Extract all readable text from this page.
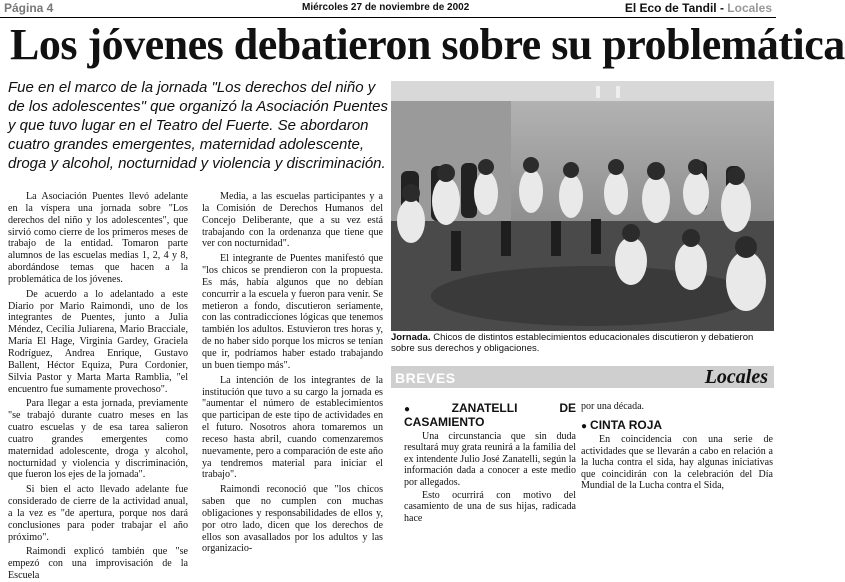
Página 4	Miércoles 27 de noviembre de 2002	El Eco de Tandil - Locales
Los jóvenes debatieron sobre su problemática

Fue en el marco de la jornada "Los derechos del niño y de los adolescentes" que organizó la Asociación Puentes y que tuvo lugar en el Teatro del Fuerte. Se abordaron cuatro grandes emergentes, maternidad adolescente, droga y alcohol, nocturnidad y violencia y discriminación.

La Asociación Puentes llevó adelante en la víspera una jornada sobre "Los derechos del niño y los adolescentes", que sirvió como cierre de los primeros meses de trabajo de la entidad. Tomaron parte alumnos de las escuelas medias 1, 2, 4 y 8, abordándose temas que hacen a la problemática de los jóvenes.

De acuerdo a lo adelantado a este Diario por Mario Raimondi, uno de los integrantes de Puentes, junto a Julia Méndez, Cecilia Juliarena, Mario Bracciale, María El Hage, Virginia Gardey, Graciela Rodríguez, Andrea Enrique, Gustavo Ballent, Héctor Equiza, Pura Cordonier, Silvia Pastor y Marta Marta Ramblia, "el encuentro fue sumamente provechoso".

Para llegar a esta jornada, previamente "se trabajó durante cuatro meses en las cuatro escuelas y de esa tarea salieron cuatro grandes emergentes como maternidad adolescente, droga y alcohol, nocturnidad y violencia y discriminación, que fueron los ejes de la jornada".

Si bien el acto llevado adelante fue considerado de cierre de la actividad anual, a la vez es "de apertura, porque nos dará conclusiones para poder trabajar el año próximo".

Raimondi explicó también que "se empezó con una improvisación de la Escuela

Media, a las escuelas participantes y a la Comisión de Derechos Humanos del Concejo Deliberante, que a su vez está trabajando con la ordenanza que tiene que ver con nocturnidad".

El integrante de Puentes manifestó que "los chicos se prendieron con la propuesta. Es más, había algunos que no debían concurrir a la escuela y fueron para venir. Se metieron a fondo, discutieron seriamente, con las contradicciones lógicas que tenemos también los adultos. Estuvieron tres horas y, de no haber sido porque los micros se tenían que ir, podríamos haber estado trabajando un buen tiempo más".

La intención de los integrantes de la institución que tuvo a su cargo la jornada es "aumentar el número de establecimientos que participan de este tipo de actividades en el futuro. Nosotros ahora tomaremos un receso hasta abril, cuando comenzaremos nuevamente, pero a comparación de este año ya tendremos material para iniciar el trabajo".

Raimondi reconoció que "los chicos saben que no cumplen con muchas obligaciones y responsabilidades de ellos y, por otro lado, dicen que los derechos de ellos son avasallados por los adultos y las organizacio-

Jornada. Chicos de distintos establecimientos educacionales discutieron y debatieron sobre sus derechos y obligaciones.

BREVES	Locales

● ZANATELLI DE CASAMIENTO

Una circunstancia que sin duda resultará muy grata reunirá a la familia del ex intendente Julio José Zanatelli, según la información dada a conocer a este medio por allegados.

Esto ocurrirá con motivo del casamiento de una de sus hijas, radicada hace

por una década.

● CINTA ROJA

En coincidencia con una serie de actividades que se llevarán a cabo en relación a la lucha contra el sida, hay algunas iniciativas que coincidirán con la celebración del Día Mundial de la Lucha contra el Sida,
